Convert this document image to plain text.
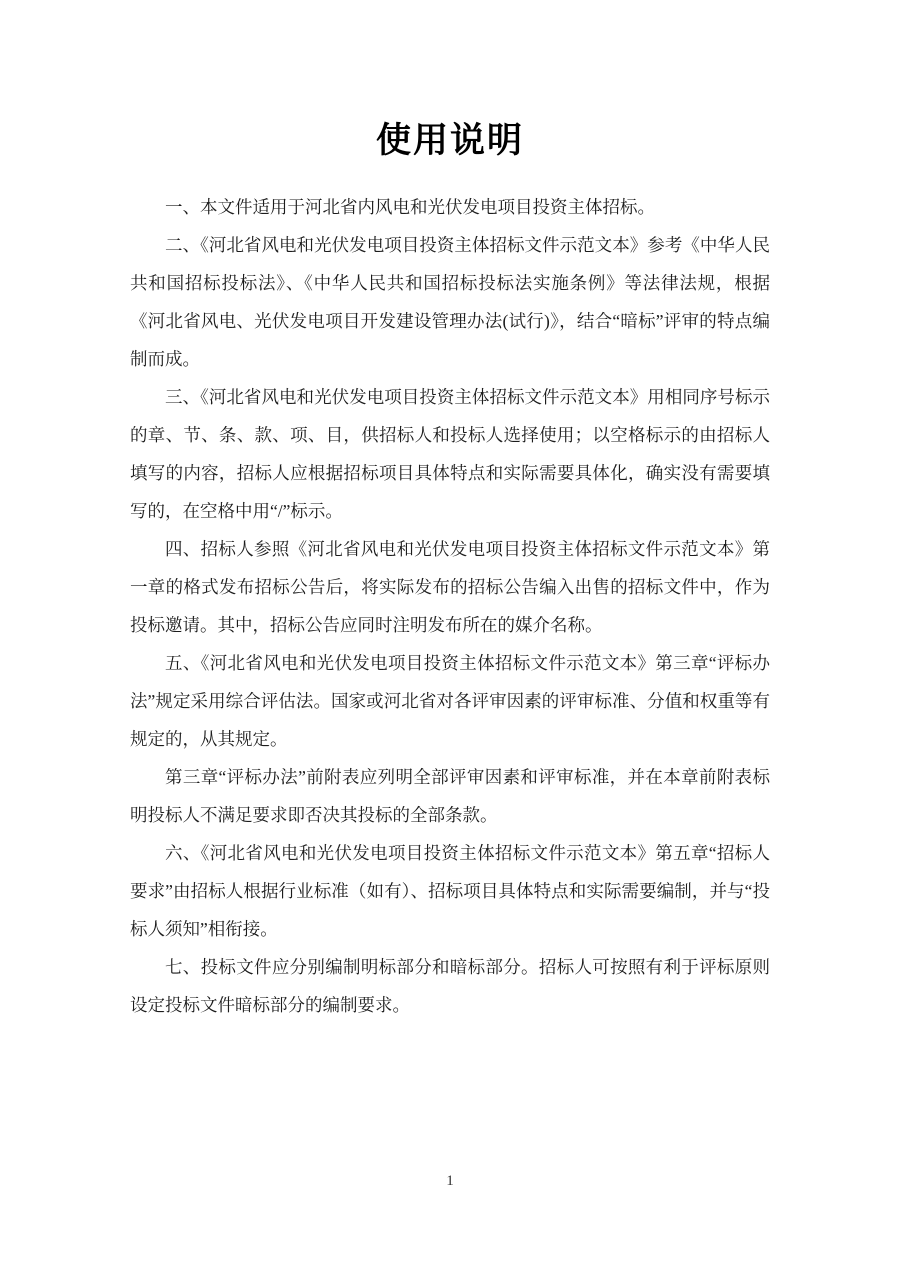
使用说明

一、本文件适用于河北省内风电和光伏发电项目投资主体招标。

二、《河北省风电和光伏发电项目投资主体招标文件示范文本》参考《中华人民共和国招标投标法》、《中华人民共和国招标投标法实施条例》等法律法规，根据《河北省风电、光伏发电项目开发建设管理办法(试行)》，结合“暗标”评审的特点编制而成。

三、《河北省风电和光伏发电项目投资主体招标文件示范文本》用相同序号标示的章、节、条、款、项、目，供招标人和投标人选择使用；以空格标示的由招标人填写的内容，招标人应根据招标项目具体特点和实际需要具体化，确实没有需要填写的，在空格中用“/”标示。

四、招标人参照《河北省风电和光伏发电项目投资主体招标文件示范文本》第一章的格式发布招标公告后，将实际发布的招标公告编入出售的招标文件中，作为投标邀请。其中，招标公告应同时注明发布所在的媒介名称。

五、《河北省风电和光伏发电项目投资主体招标文件示范文本》第三章“评标办法”规定采用综合评估法。国家或河北省对各评审因素的评审标准、分值和权重等有规定的，从其规定。

第三章“评标办法”前附表应列明全部评审因素和评审标准，并在本章前附表标明投标人不满足要求即否决其投标的全部条款。

六、《河北省风电和光伏发电项目投资主体招标文件示范文本》第五章“招标人要求”由招标人根据行业标准（如有）、招标项目具体特点和实际需要编制，并与“投标人须知”相衔接。

七、投标文件应分别编制明标部分和暗标部分。招标人可按照有利于评标原则设定投标文件暗标部分的编制要求。

1
